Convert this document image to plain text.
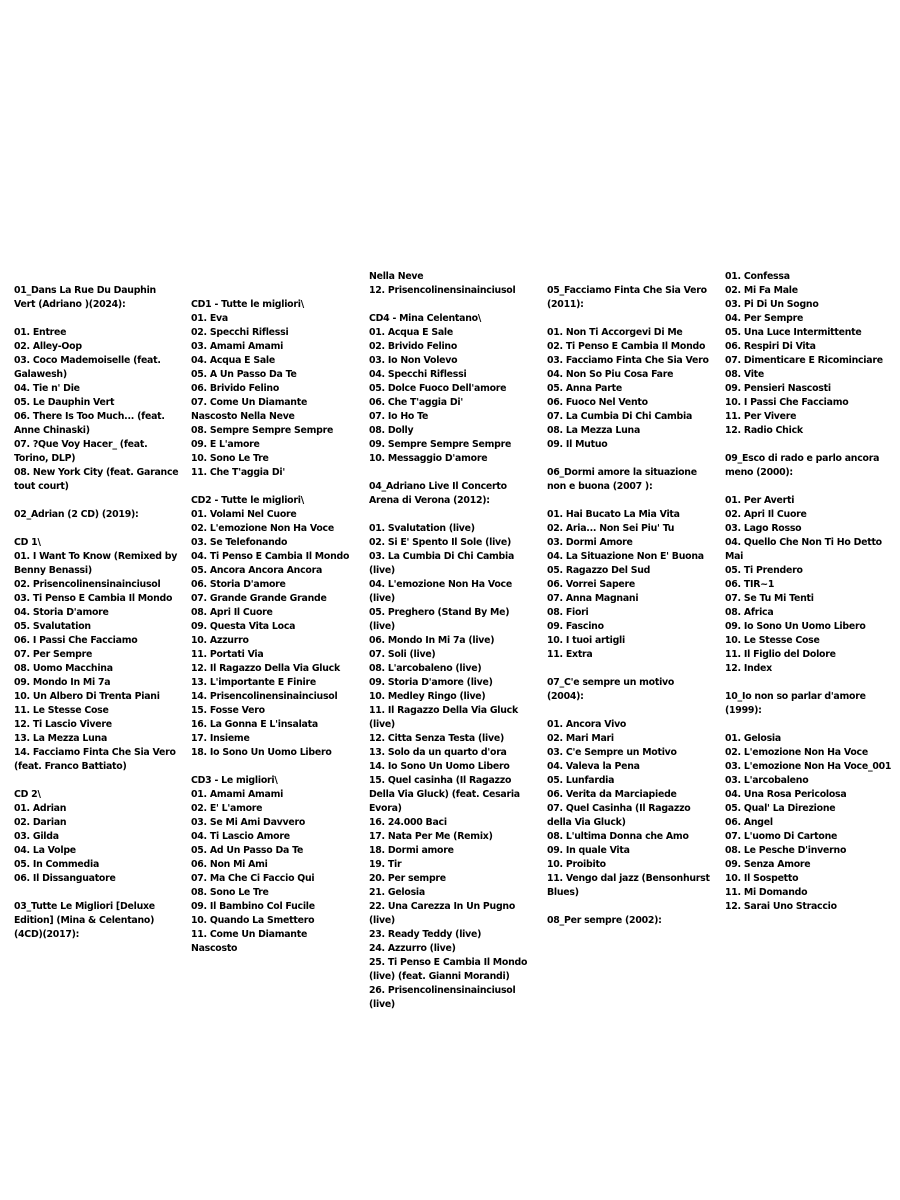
01_Dans La Rue Du Dauphin Vert (Adriano )(2024):
01. Entree
02. Alley-Oop
03. Coco Mademoiselle (feat. Galawesh)
04. Tie n' Die
05. Le Dauphin Vert
06. There Is Too Much... (feat. Anne Chinaski)
07. ?Que Voy Hacer_ (feat. Torino, DLP)
08. New York City (feat. Garance tout court)
02_Adrian (2 CD) (2019):
CD 1\
01. I Want To Know (Remixed by Benny Benassi)
02. Prisencolinensinainciusol
03. Ti Penso E Cambia Il Mondo
04. Storia D'amore
05. Svalutation
06. I Passi Che Facciamo
07. Per Sempre
08. Uomo Macchina
09. Mondo In Mi 7a
10. Un Albero Di Trenta Piani
11. Le Stesse Cose
12. Ti Lascio Vivere
13. La Mezza Luna
14. Facciamo Finta Che Sia Vero (feat. Franco Battiato)
CD 2\
01. Adrian
02. Darian
03. Gilda
04. La Volpe
05. In Commedia
06. Il Dissanguatore
03_Tutte Le Migliori [Deluxe Edition] (Mina & Celentano)(4CD)(2017):
CD1 - Tutte le migliori\
01. Eva
02. Specchi Riflessi
03. Amami Amami
04. Acqua E Sale
05. A Un Passo Da Te
06. Brivido Felino
07. Come Un Diamante Nascosto Nella Neve
08. Sempre Sempre Sempre
09. E L'amore
10. Sono Le Tre
11. Che T'aggia Di'
CD2 - Tutte le migliori\
01. Volami Nel Cuore
02. L'emozione Non Ha Voce
03. Se Telefonando
04. Ti Penso E Cambia Il Mondo
05. Ancora Ancora Ancora
06. Storia D'amore
07. Grande Grande Grande
08. Apri Il Cuore
09. Questa Vita Loca
10. Azzurro
11. Portati Via
12. Il Ragazzo Della Via Gluck
13. L'importante E Finire
14. Prisencolinensinainciusol
15. Fosse Vero
16. La Gonna E L'insalata
17. Insieme
18. Io Sono Un Uomo Libero
CD3 - Le migliori\
01. Amami Amami
02. E' L'amore
03. Se Mi Ami Davvero
04. Ti Lascio Amore
05. Ad Un Passo Da Te
06. Non Mi Ami
07. Ma Che Ci Faccio Qui
08. Sono Le Tre
09. Il Bambino Col Fucile
10. Quando La Smettero
11. Come Un Diamante Nascosto
Nella Neve
12. Prisencolinensinainciusol
CD4 - Mina Celentano\
01. Acqua E Sale
02. Brivido Felino
03. Io Non Volevo
04. Specchi Riflessi
05. Dolce Fuoco Dell'amore
06. Che T'aggia Di'
07. Io Ho Te
08. Dolly
09. Sempre Sempre Sempre
10. Messaggio D'amore
04_Adriano Live Il Concerto Arena di Verona (2012):
01. Svalutation (live)
02. Si E' Spento Il Sole (live)
03. La Cumbia Di Chi Cambia (live)
04. L'emozione Non Ha Voce (live)
05. Preghero (Stand By Me) (live)
06. Mondo In Mi 7a (live)
07. Soli (live)
08. L'arcobaleno (live)
09. Storia D'amore (live)
10. Medley Ringo (live)
11. Il Ragazzo Della Via Gluck (live)
12. Citta Senza Testa (live)
13. Solo da un quarto d'ora
14. Io Sono Un Uomo Libero
15. Quel casinha (Il Ragazzo Della Via Gluck) (feat. Cesaria Evora)
16. 24.000 Baci
17. Nata Per Me (Remix)
18. Dormi amore
19. Tir
20. Per sempre
21. Gelosia
22. Una Carezza In Un Pugno (live)
23. Ready Teddy (live)
24. Azzurro (live)
25. Ti Penso E Cambia Il Mondo (live) (feat. Gianni Morandi)
26. Prisencolinensinainciusol (live)
05_Facciamo Finta Che Sia Vero (2011):
01. Non Ti Accorgevi Di Me
02. Ti Penso E Cambia Il Mondo
03. Facciamo Finta Che Sia Vero
04. Non So Piu Cosa Fare
05. Anna Parte
06. Fuoco Nel Vento
07. La Cumbia Di Chi Cambia
08. La Mezza Luna
09. Il Mutuo
06_Dormi amore la situazione non e buona (2007 ):
01. Hai Bucato La Mia Vita
02. Aria... Non Sei Piu' Tu
03. Dormi Amore
04. La Situazione Non E' Buona
05. Ragazzo Del Sud
06. Vorrei Sapere
07. Anna Magnani
08. Fiori
09. Fascino
10. I tuoi artigli
11. Extra
07_C'e sempre un motivo (2004):
01. Ancora Vivo
02. Mari Mari
03. C'e Sempre un Motivo
04. Valeva la Pena
05. Lunfardia
06. Verita da Marciapiede
07. Quel Casinha (Il Ragazzo della Via Gluck)
08. L'ultima Donna che Amo
09. In quale Vita
10. Proibito
11. Vengo dal jazz (Bensonhurst Blues)
08_Per sempre (2002):
01. Confessa
02. Mi Fa Male
03. Pi Di Un Sogno
04. Per Sempre
05. Una Luce Intermittente
06. Respiri Di Vita
07. Dimenticare E Ricominciare
08. Vite
09. Pensieri Nascosti
10. I Passi Che Facciamo
11. Per Vivere
12. Radio Chick
09_Esco di rado e parlo ancora meno (2000):
01. Per Averti
02. Apri Il Cuore
03. Lago Rosso
04. Quello Che Non Ti Ho Detto Mai
05. Ti Prendero
06. TIR~1
07. Se Tu Mi Tenti
08. Africa
09. Io Sono Un Uomo Libero
10. Le Stesse Cose
11. Il Figlio del Dolore
12. Index
10_Io non so parlar d'amore (1999):
01. Gelosia
02. L'emozione Non Ha Voce
03. L'emozione Non Ha Voce_001
03. L'arcobaleno
04. Una Rosa Pericolosa
05. Qual' La Direzione
06. Angel
07. L'uomo Di Cartone
08. Le Pesche D'inverno
09. Senza Amore
10. Il Sospetto
11. Mi Domando
12. Sarai Uno Straccio
